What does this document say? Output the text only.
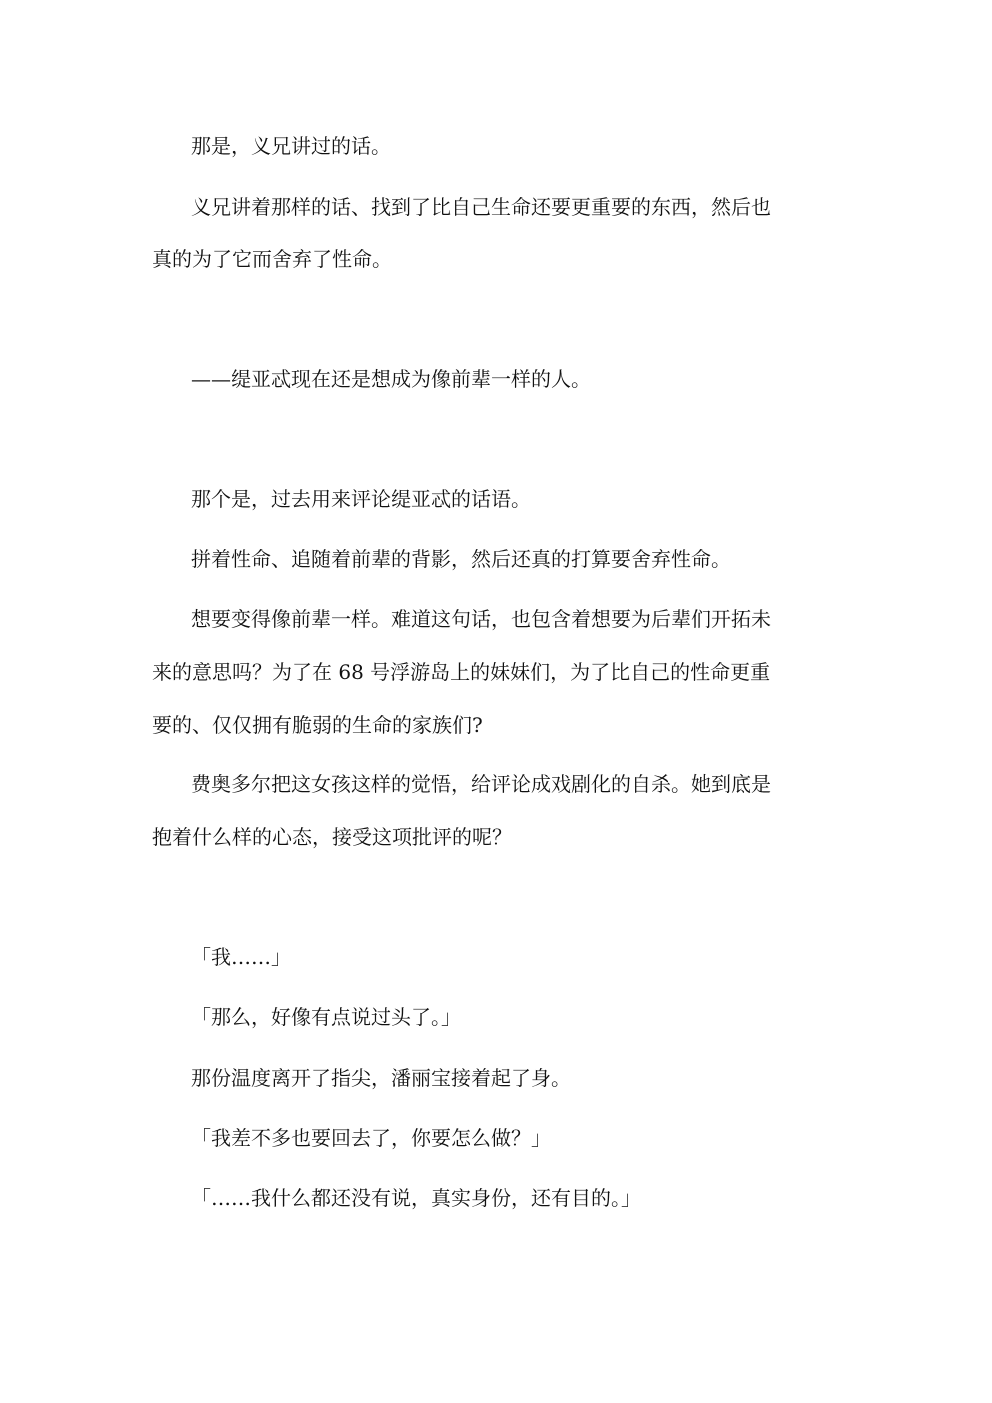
那是，义兄讲过的话。
义兄讲着那样的话、找到了比自己生命还要更重要的东西，然后也
真的为了它而舍弃了性命。
——缇亚忒现在还是想成为像前辈一样的人。
那个是，过去用来评论缇亚忒的话语。
拼着性命、追随着前辈的背影，然后还真的打算要舍弃性命。
想要变得像前辈一样。难道这句话，也包含着想要为后辈们开拓未
来的意思吗？为了在 68 号浮游岛上的妹妹们，为了比自己的性命更重
要的、仅仅拥有脆弱的生命的家族们?
费奥多尔把这女孩这样的觉悟，给评论成戏剧化的自杀。她到底是
抱着什么样的心态，接受这项批评的呢？
「我……」
「那么，好像有点说过头了。」
那份温度离开了指尖，潘丽宝接着起了身。
「我差不多也要回去了，你要怎么做？」
「……我什么都还没有说，真实身份，还有目的。」
